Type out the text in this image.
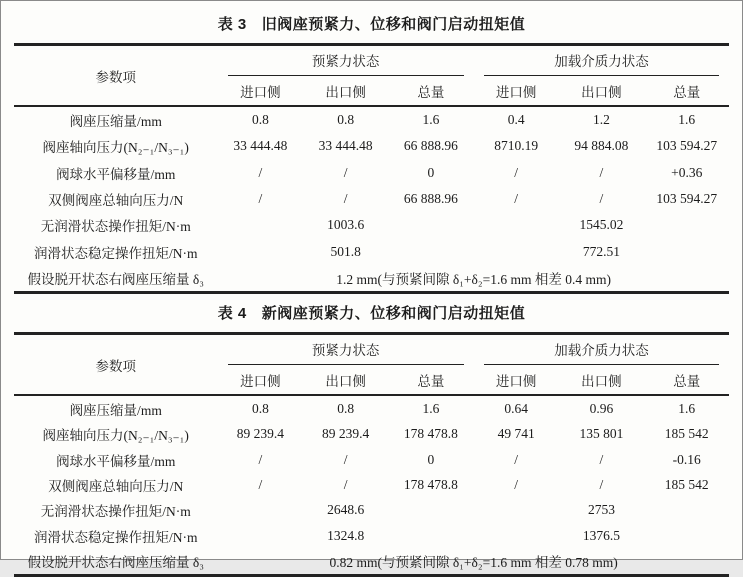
表 3 旧阀座预紧力、位移和阀门启动扭矩值
参数项	预紧力状态			加载介质力状态		

	进口侧	出口侧	总量	进口侧	出口侧	总量
阀座压缩量/mm	0.8	0.8	1.6	0.4	1.2	1.6
阀座轴向压力(N₂₋₁/N₃₋₁)	33 444.48	33 444.48	66 888.96	8710.19	94 884.08	103 594.27
阀球水平偏移量/mm	/	/	0	/	/	+0.36
双侧阀座总轴向压力/N	/	/	66 888.96	/	/	103 594.27
无润滑状态操作扭矩/N·m	1003.6			1545.02		
润滑状态稳定操作扭矩/N·m	501.8			772.51		
假设脱开状态右阀座压缩量 δ₃	1.2 mm(与预紧间隙 δ₁+δ₂=1.6 mm 相差 0.4 mm)					
表 4 新阀座预紧力、位移和阀门启动扭矩值
参数项	预紧力状态			加载介质力状态		

	进口侧	出口侧	总量	进口侧	出口侧	总量
阀座压缩量/mm	0.8	0.8	1.6	0.64	0.96	1.6
阀座轴向压力(N₂₋₁/N₃₋₁)	89 239.4	89 239.4	178 478.8	49 741	135 801	185 542
阀球水平偏移量/mm	/	/	0	/	/	-0.16
双侧阀座总轴向压力/N	/	/	178 478.8	/	/	185 542
无润滑状态操作扭矩/N·m	2648.6			2753		
润滑状态稳定操作扭矩/N·m	1324.8			1376.5		
假设脱开状态右阀座压缩量 δ₃	0.82 mm(与预紧间隙 δ₁+δ₂=1.6 mm 相差 0.78 mm)					
